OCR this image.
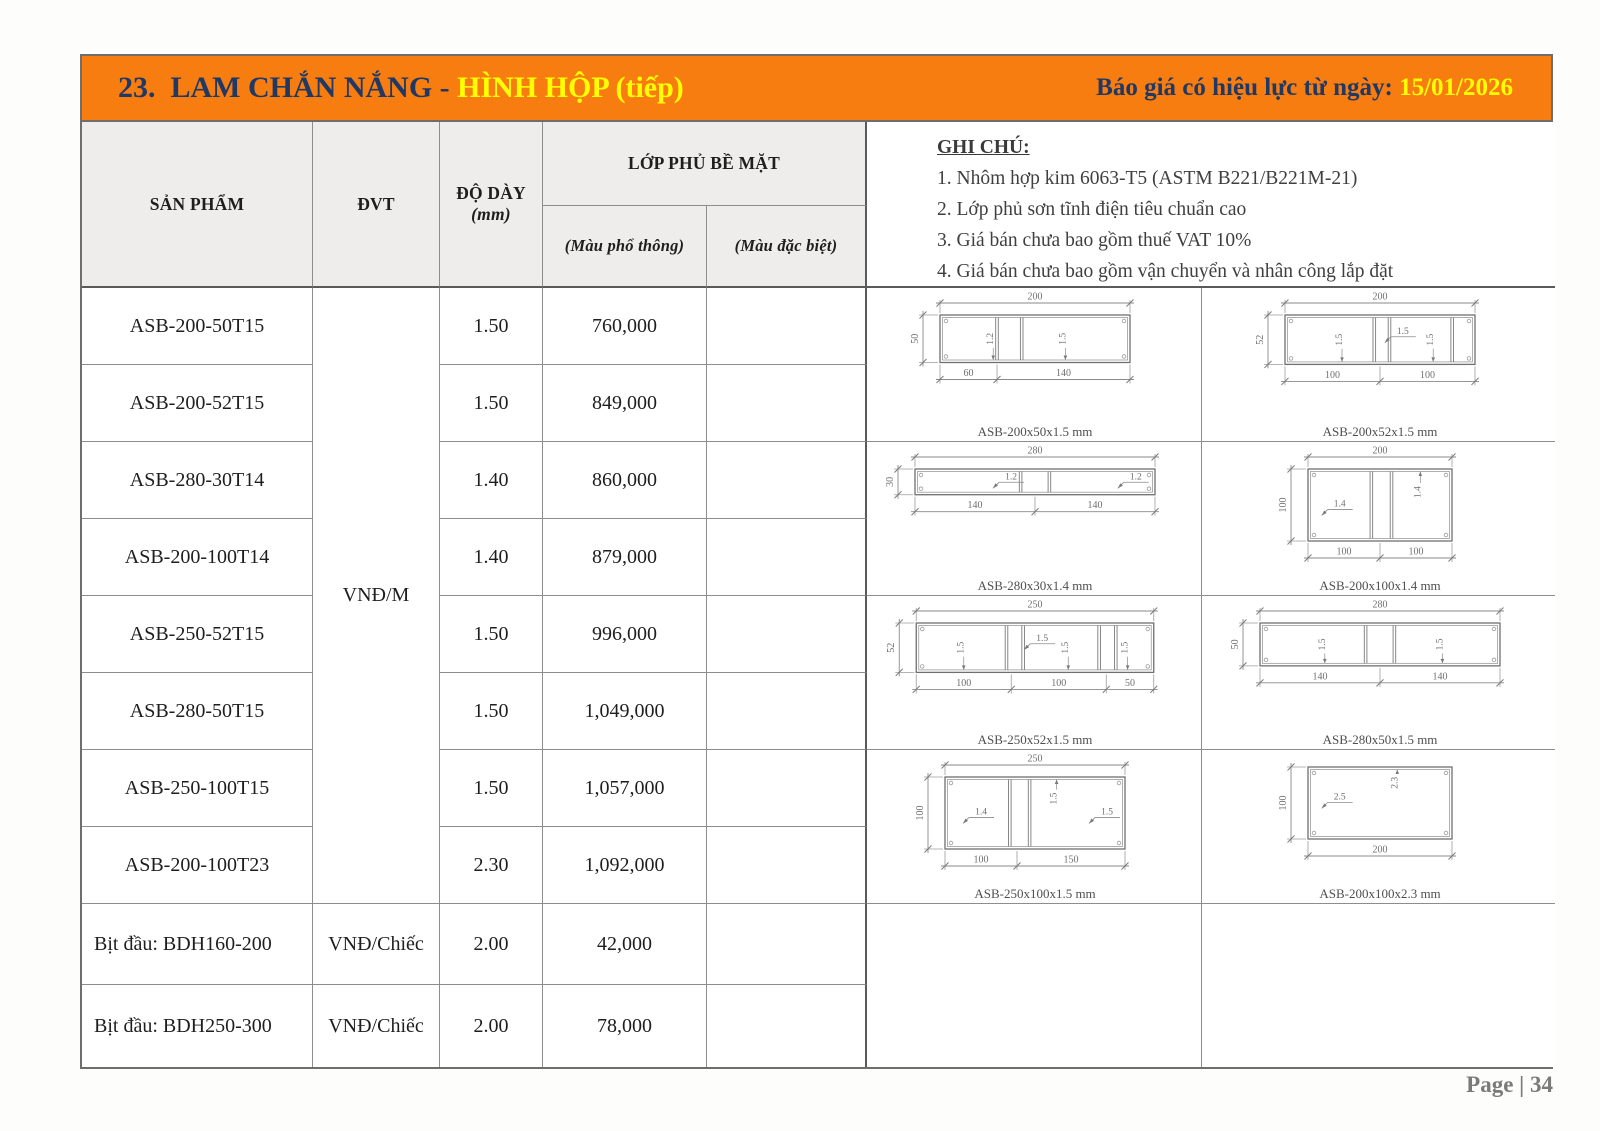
23.  LAM CHẮN NẮNG - HÌNH HỘP (tiếp)	Báo giá có hiệu lực từ ngày: 15/01/2026
SẢN PHẨM	ĐVT
ĐỘ DÀY
(mm)
LỚP PHỦ BỀ MẶT
(Màu phổ thông)	(Màu đặc biệt)
GHI CHÚ:
1. Nhôm hợp kim 6063-T5 (ASTM B221/B221M-21)
2. Lớp phủ sơn tĩnh điện tiêu chuẩn cao
3. Giá bán chưa bao gồm thuế VAT 10%
4. Giá bán chưa bao gồm vận chuyển và nhân công lắp đặt
VNĐ/M
ASB-200-50T15	1.50	760,000
ASB-200-52T15	1.50	849,000
ASB-280-30T14	1.40	860,000
ASB-200-100T14	1.40	879,000
ASB-250-52T15	1.50	996,000
ASB-280-50T15	1.50	1,049,000
ASB-250-100T15	1.50	1,057,000
ASB-200-100T23	2.30	1,092,000
Bịt đầu: BDH160-200	VNĐ/Chiếc	2.00	42,000
Bịt đầu: BDH250-300	VNĐ/Chiếc	2.00	78,000
200
50
60	140
1.2	1.5
ASB-200x50x1.5 mm
280
30
140	140
1.2	1.2
ASB-280x30x1.4 mm
250
52
100	100	50
1.5
1.5
1.5	1.5
ASB-250x52x1.5 mm
250
100
100	150
1.4
1.5
1.5
ASB-250x100x1.5 mm
200
52
100	100
1.5
1.5
1.5
ASB-200x52x1.5 mm
200
100
100	100
1.4
1.4
ASB-200x100x1.4 mm
280
50
140	140
1.5	1.5
ASB-280x50x1.5 mm
100
200
2.5
2.3
ASB-200x100x2.3 mm
Page | 34
